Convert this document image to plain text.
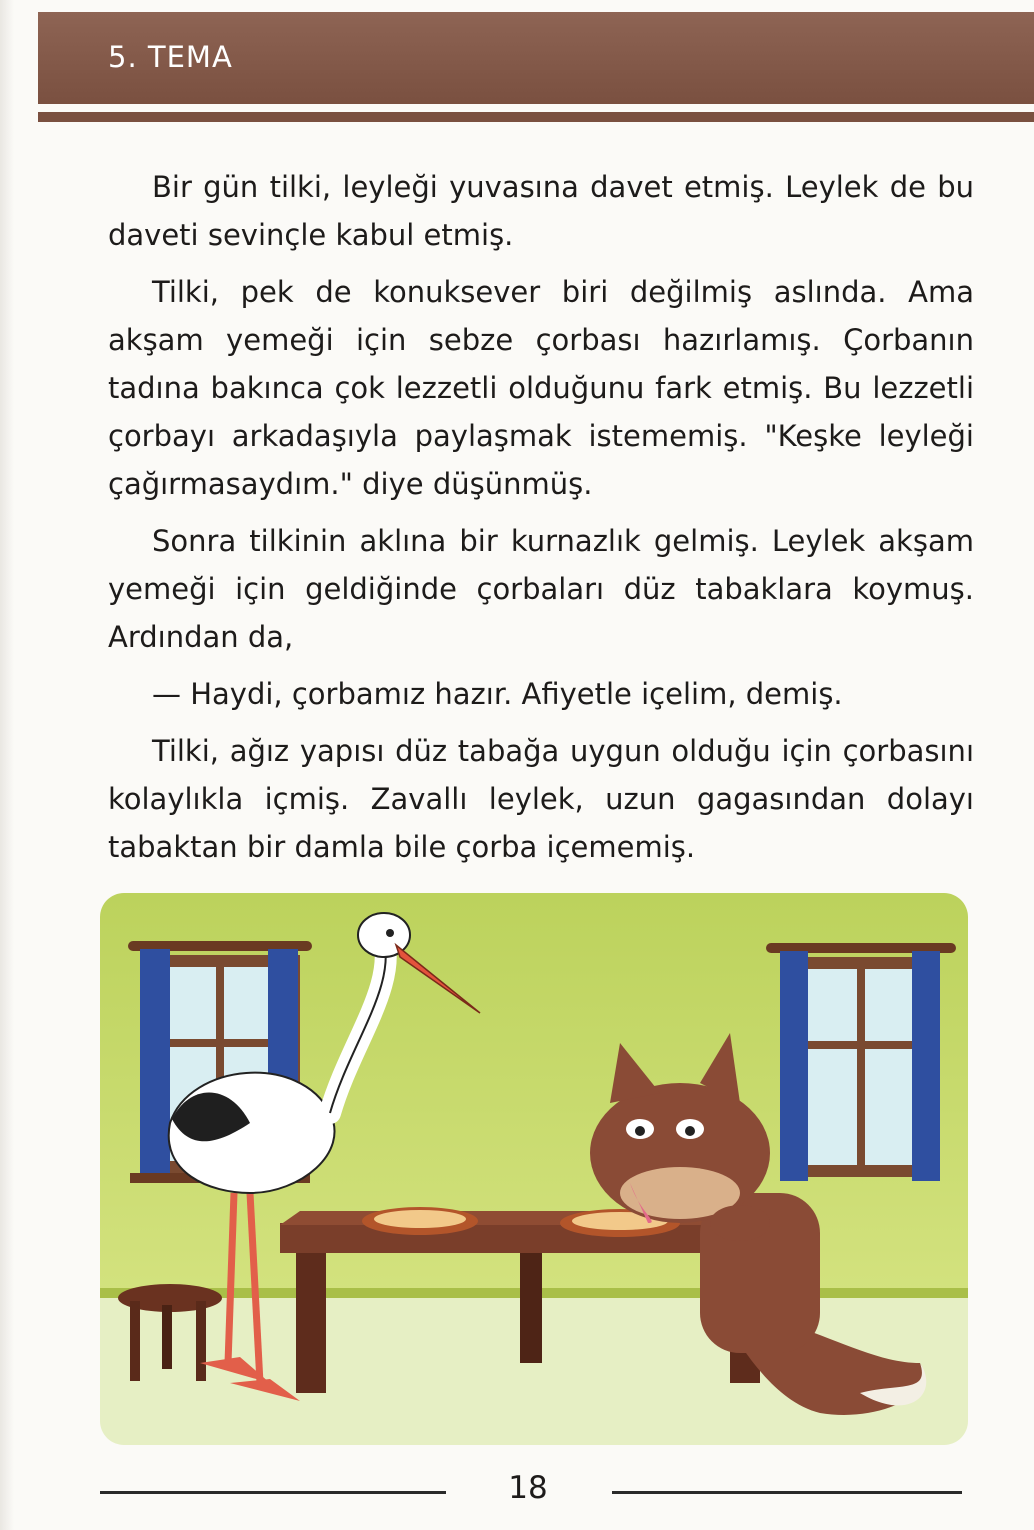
5. TEMA

Bir gün tilki, leyleği yuvasına davet etmiş. Leylek de bu daveti sevinçle kabul etmiş.

Tilki, pek de konuksever biri değilmiş aslında. Ama akşam yemeği için sebze çorbası hazırlamış. Çorbanın tadına bakınca çok lezzetli olduğunu fark etmiş. Bu lezzetli çorbayı arkadaşıyla paylaşmak istememiş. "Keşke leyleği çağırmasaydım." diye düşünmüş.

Sonra tilkinin aklına bir kurnazlık gelmiş. Leylek akşam yemeği için geldiğinde çorbaları düz tabaklara koymuş. Ardından da,

— Haydi, çorbamız hazır. Afiyetle içelim, demiş.

Tilki, ağız yapısı düz tabağa uygun olduğu için çorbasını kolaylıkla içmiş. Zavallı leylek, uzun gagasından dolayı tabaktan bir damla bile çorba içememiş.

18
